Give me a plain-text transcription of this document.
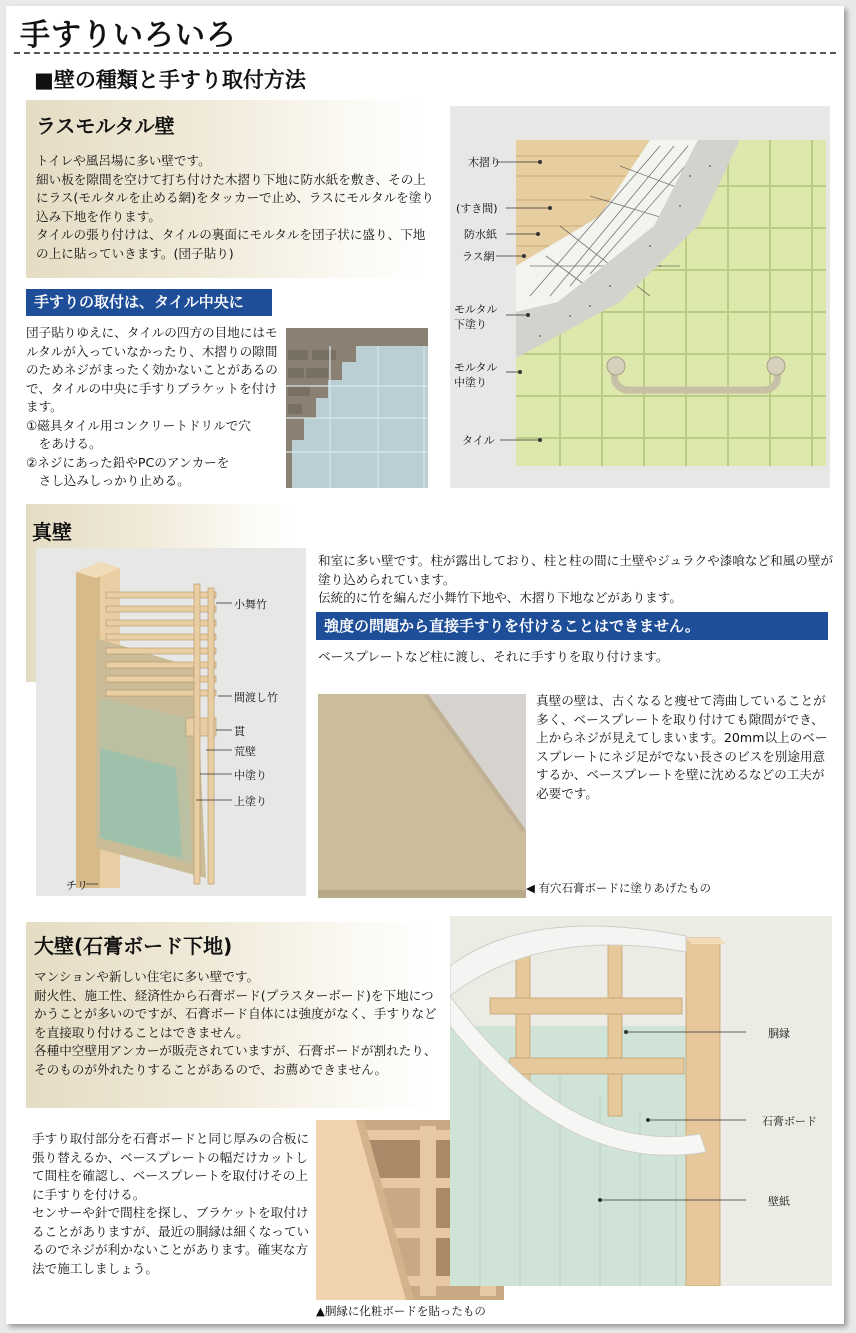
手すりいろいろ
■壁の種類と手すり取付方法
ラスモルタル壁
トイレや風呂場に多い壁です。
細い板を隙間を空けて打ち付けた木摺り下地に防水紙を敷き、その上にラス(モルタルを止める網)をタッカーで止め、ラスにモルタルを塗り込み下地を作ります。
タイルの張り付けは、タイルの裏面にモルタルを団子状に盛り、下地の上に貼っていきます。(団子貼り)
手すりの取付は、タイル中央に
団子貼りゆえに、タイルの四方の目地にはモルタルが入っていなかったり、木摺りの隙間のためネジがまったく効かないことがあるので、タイルの中央に手すりブラケットを付けます。
①磁具タイル用コンクリートドリルで穴
　をあける。
②ネジにあった鉛やPCのアンカーを
　さし込みしっかり止める。
木摺り
(すき間)
防水紙
ラス網
モルタル
下塗り
モルタル
中塗り
タイル
真壁
小舞竹
間渡し竹
貫
荒壁
中塗り
上塗り
チリ
和室に多い壁です。柱が露出しており、柱と柱の間に土壁やジュラクや漆喰など和風の壁が塗り込められています。
伝統的に竹を編んだ小舞竹下地や、木摺り下地などがあります。
強度の問題から直接手すりを付けることはできません。
ベースプレートなど柱に渡し、それに手すりを取り付けます。
真壁の壁は、古くなると痩せて湾曲していることが多く、ベースプレートを取り付けても隙間ができ、上からネジが見えてしまいます。20mm以上のベースプレートにネジ足がでない長さのビスを別途用意するか、ベースプレートを壁に沈めるなどの工夫が必要です。
◀ 有穴石膏ボードに塗りあげたもの
大壁(石膏ボード下地)
マンションや新しい住宅に多い壁です。
耐火性、施工性、経済性から石膏ボード(プラスターボード)を下地につかうことが多いのですが、石膏ボード自体には強度がなく、手すりなどを直接取り付けることはできません。
各種中空壁用アンカーが販売されていますが、石膏ボードが割れたり、そのものが外れたりすることがあるので、お薦めできません。
手すり取付部分を石膏ボードと同じ厚みの合板に張り替えるか、ベースプレートの幅だけカットして間柱を確認し、ベースプレートを取付けその上に手すりを付ける。
センサーや針で間柱を探し、ブラケットを取付けることがありますが、最近の胴縁は細くなっているのでネジが利かないことがあります。確実な方法で施工しましょう。
▲胴縁に化粧ボードを貼ったもの
胴縁
石膏ボード
壁紙
